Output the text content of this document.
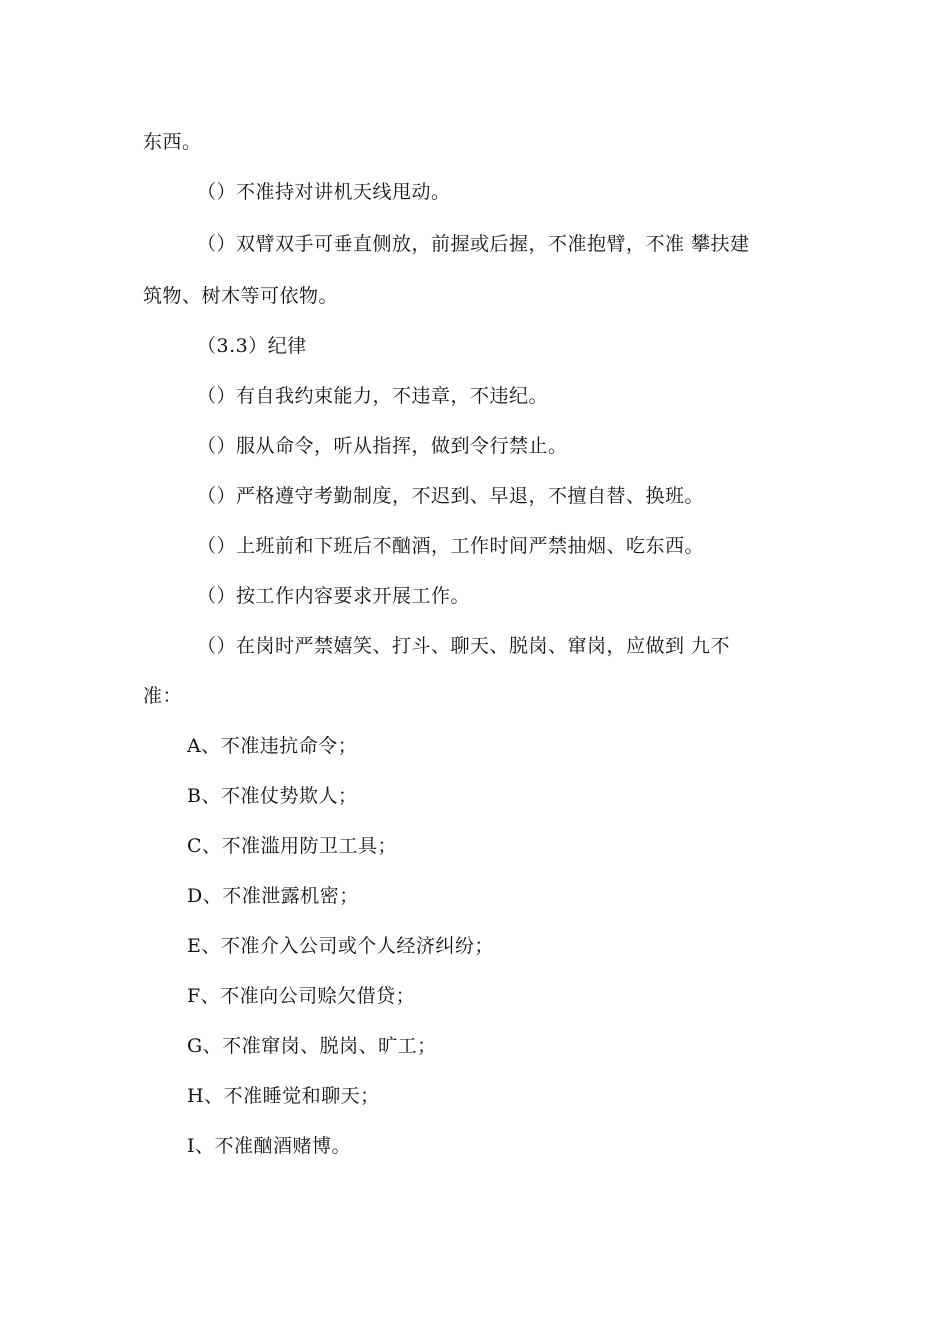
东西。
（）不准持对讲机天线甩动。
（）双臂双手可垂直侧放，前握或后握，不准抱臂，不准 攀扶建
筑物、树木等可依物。
（3.3）纪律
（）有自我约束能力，不违章，不违纪。
（）服从命令，听从指挥，做到令行禁止。
（）严格遵守考勤制度，不迟到、早退，不擅自替、换班。
（）上班前和下班后不酗酒，工作时间严禁抽烟、吃东西。
（）按工作内容要求开展工作。
（）在岗时严禁嬉笑、打斗、聊天、脱岗、窜岗，应做到 九不
准：
A、不准违抗命令；
B、不准仗势欺人；
C、不准滥用防卫工具；
D、不准泄露机密；
E、不准介入公司或个人经济纠纷；
F、不准向公司赊欠借贷；
G、不准窜岗、脱岗、旷工；
H、不准睡觉和聊天；
I、不准酗酒赌博。
